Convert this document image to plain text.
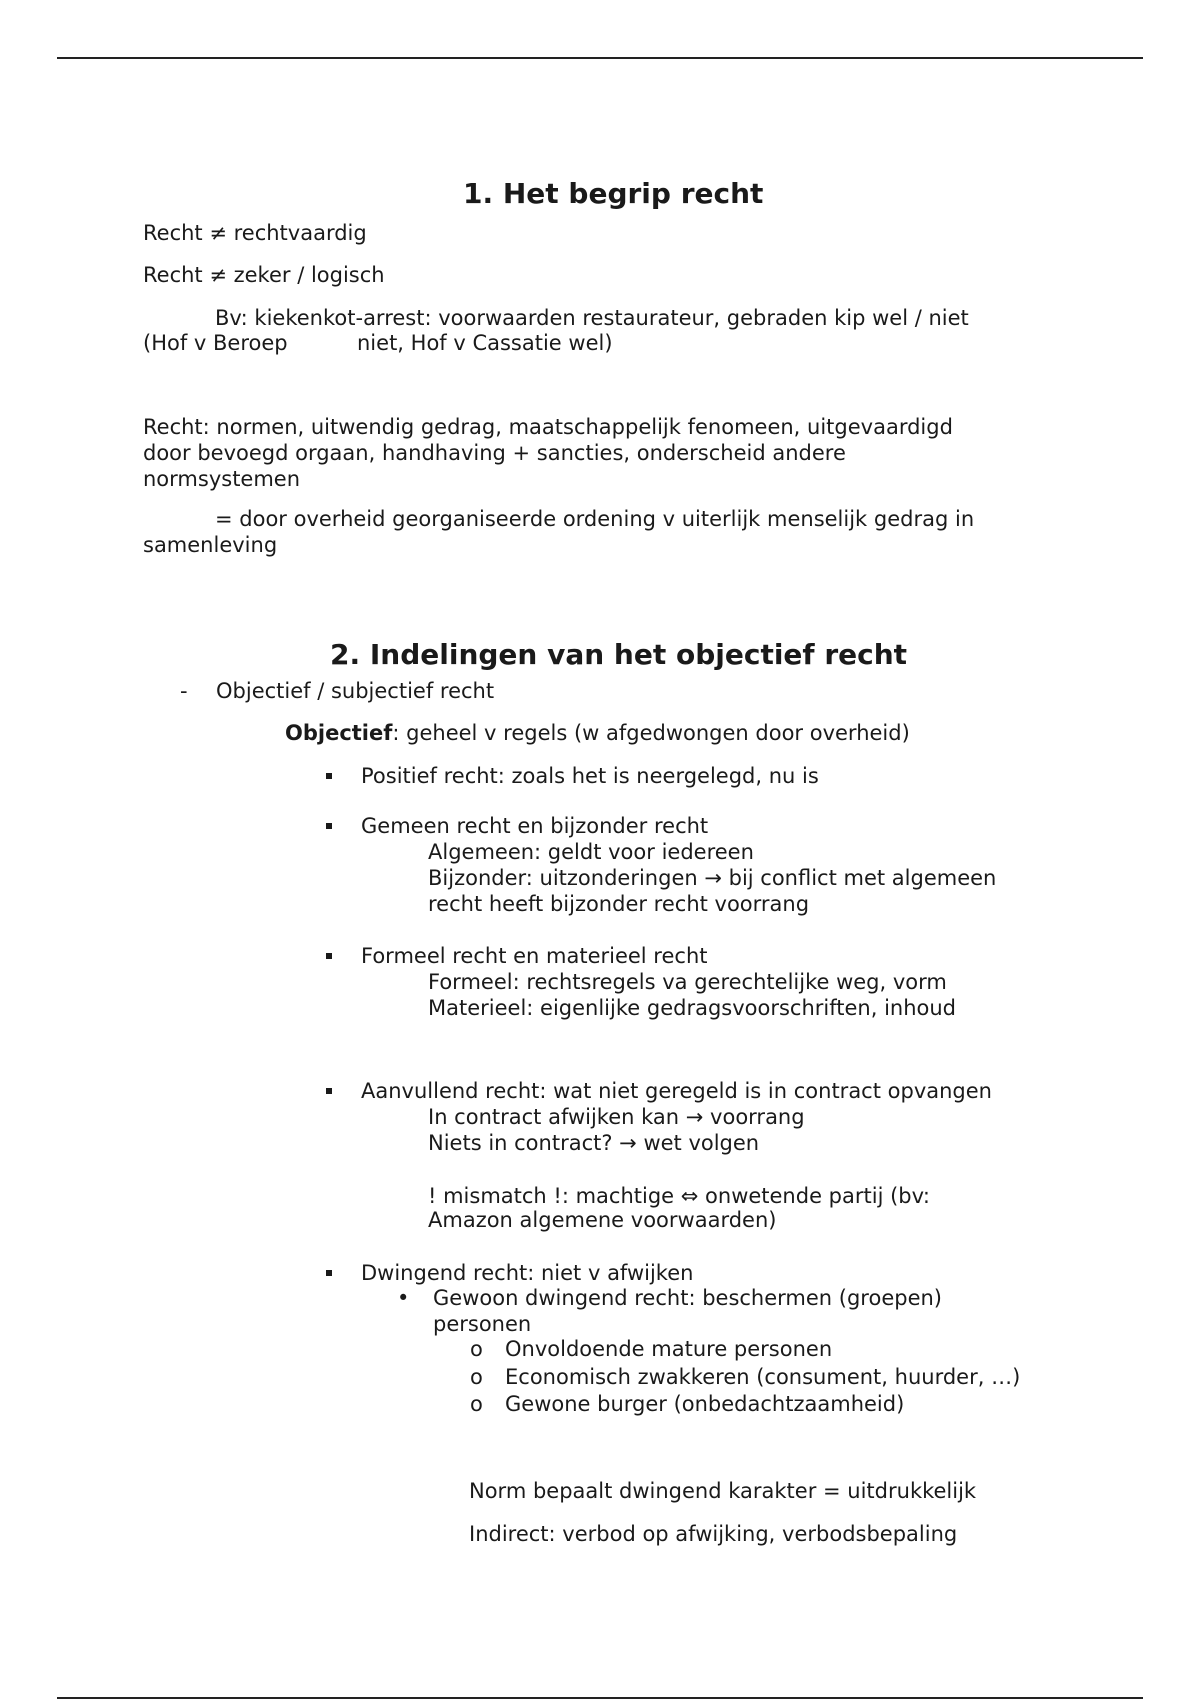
1. Het begrip recht
Recht ≠ rechtvaardig
Recht ≠ zeker / logisch
Bv: kiekenkot-arrest: voorwaarden restaurateur, gebraden kip wel / niet
(Hof v Beroep	niet, Hof v Cassatie wel)
Recht: normen, uitwendig gedrag, maatschappelijk fenomeen, uitgevaardigd
door bevoegd orgaan, handhaving + sancties, onderscheid andere
normsystemen
= door overheid georganiseerde ordening v uiterlijk menselijk gedrag in
samenleving
2. Indelingen van het objectief recht
- Objectief / subjectief recht
Objectief: geheel v regels (w afgedwongen door overheid)
Positief recht: zoals het is neergelegd, nu is
Gemeen recht en bijzonder recht
Algemeen: geldt voor iedereen
Bijzonder: uitzonderingen → bij conflict met algemeen
recht heeft bijzonder recht voorrang
Formeel recht en materieel recht
Formeel: rechtsregels va gerechtelijke weg, vorm
Materieel: eigenlijke gedragsvoorschriften, inhoud
Aanvullend recht: wat niet geregeld is in contract opvangen
In contract afwijken kan → voorrang
Niets in contract? → wet volgen
! mismatch !: machtige ⇔ onwetende partij (bv:
Amazon algemene voorwaarden)
Dwingend recht: niet v afwijken
• Gewoon dwingend recht: beschermen (groepen)
personen
o Onvoldoende mature personen
o Economisch zwakkeren (consument, huurder, …)
o Gewone burger (onbedachtzaamheid)
Norm bepaalt dwingend karakter = uitdrukkelijk
Indirect: verbod op afwijking, verbodsbepaling
